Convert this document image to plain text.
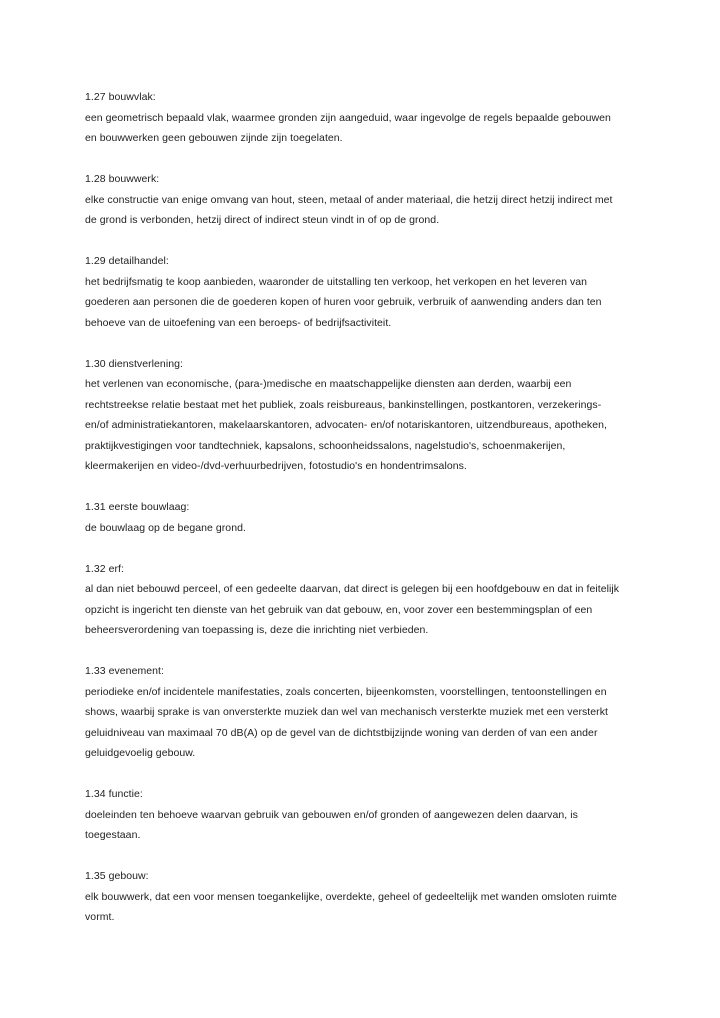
1.27 bouwvlak:
een geometrisch bepaald vlak, waarmee gronden zijn aangeduid, waar ingevolge de regels bepaalde gebouwen
en bouwwerken geen gebouwen zijnde zijn toegelaten.
1.28 bouwwerk:
elke constructie van enige omvang van hout, steen, metaal of ander materiaal, die hetzij direct hetzij indirect met
de grond is verbonden, hetzij direct of indirect steun vindt in of op de grond.
1.29 detailhandel:
het bedrijfsmatig te koop aanbieden, waaronder de uitstalling ten verkoop, het verkopen en het leveren van
goederen aan personen die de goederen kopen of huren voor gebruik, verbruik of aanwending anders dan ten
behoeve van de uitoefening van een beroeps- of bedrijfsactiviteit.
1.30 dienstverlening:
het verlenen van economische, (para-)medische en maatschappelijke diensten aan derden, waarbij een
rechtstreekse relatie bestaat met het publiek, zoals reisbureaus, bankinstellingen, postkantoren, verzekerings-
en/of administratiekantoren, makelaarskantoren, advocaten- en/of notariskantoren, uitzendbureaus, apotheken,
praktijkvestigingen voor tandtechniek, kapsalons, schoonheidssalons, nagelstudio's, schoenmakerijen,
kleermakerijen en video-/dvd-verhuurbedrijven, fotostudio's en hondentrimsalons.
1.31 eerste bouwlaag:
de bouwlaag op de begane grond.
1.32 erf:
al dan niet bebouwd perceel, of een gedeelte daarvan, dat direct is gelegen bij een hoofdgebouw en dat in feitelijk
opzicht is ingericht ten dienste van het gebruik van dat gebouw, en, voor zover een bestemmingsplan of een
beheersverordening van toepassing is, deze die inrichting niet verbieden.
1.33 evenement:
periodieke en/of incidentele manifestaties, zoals concerten, bijeenkomsten, voorstellingen, tentoonstellingen en
shows, waarbij sprake is van onversterkte muziek dan wel van mechanisch versterkte muziek met een versterkt
geluidniveau van maximaal 70 dB(A) op de gevel van de dichtstbijzijnde woning van derden of van een ander
geluidgevoelig gebouw.
1.34 functie:
doeleinden ten behoeve waarvan gebruik van gebouwen en/of gronden of aangewezen delen daarvan, is
toegestaan.
1.35 gebouw:
elk bouwwerk, dat een voor mensen toegankelijke, overdekte, geheel of gedeeltelijk met wanden omsloten ruimte
vormt.
